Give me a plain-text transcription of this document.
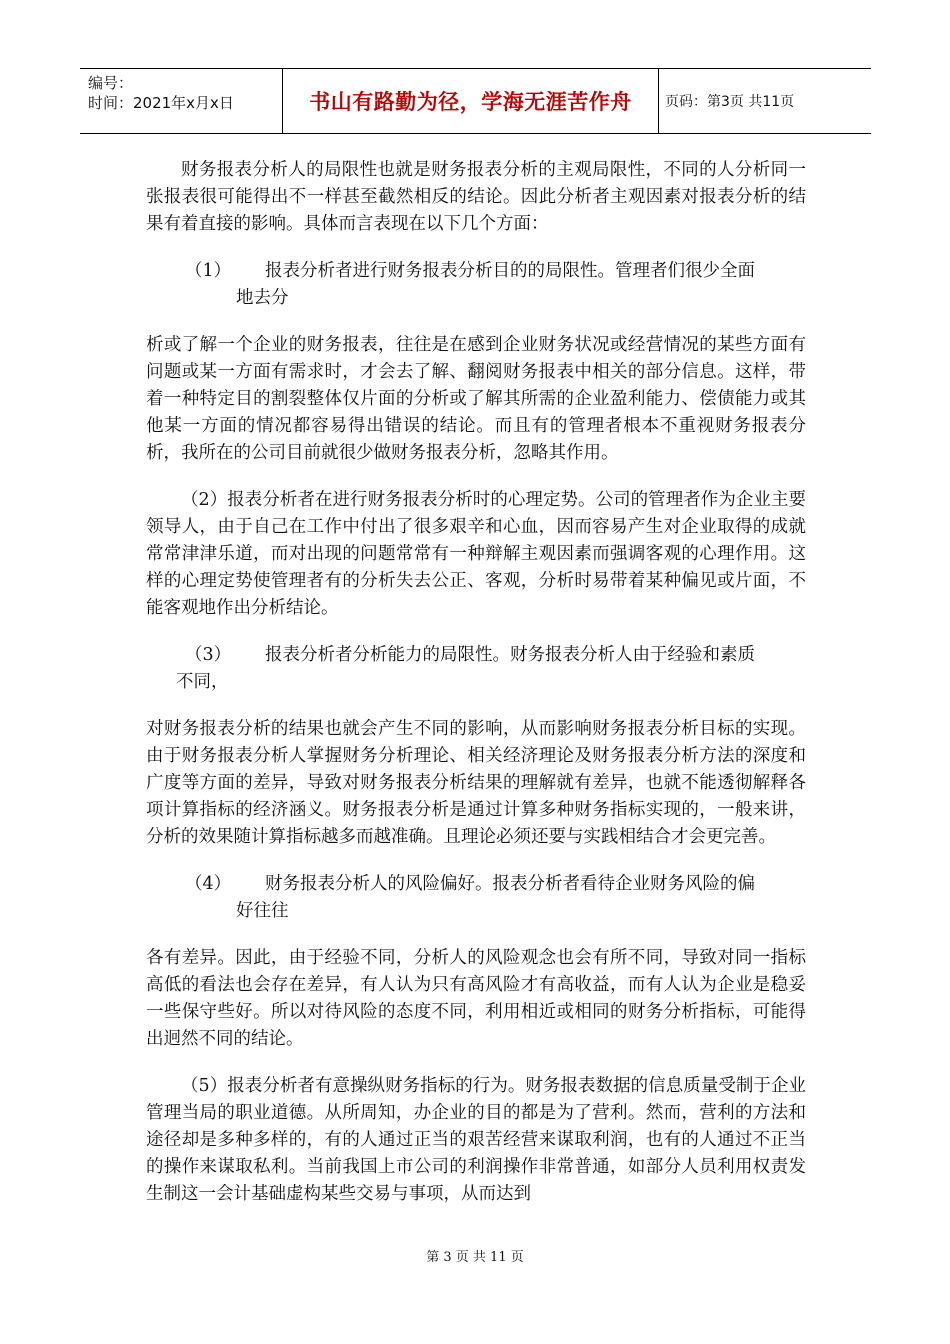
编号：
时间：2021年x月x日	书山有路勤为径，学海无涯苦作舟	页码：第3页 共11页

财务报表分析人的局限性也就是财务报表分析的主观局限性，不同的人分析同一张报表很可能得出不一样甚至截然相反的结论。因此分析者主观因素对报表分析的结果有着直接的影响。具体而言表现在以下几个方面：

（1）	报表分析者进行财务报表分析目的的局限性。管理者们很少全面
地去分

析或了解一个企业的财务报表，往往是在感到企业财务状况或经营情况的某些方面有问题或某一方面有需求时，才会去了解、翻阅财务报表中相关的部分信息。这样，带着一种特定目的割裂整体仅片面的分析或了解其所需的企业盈利能力、偿债能力或其他某一方面的情况都容易得出错误的结论。而且有的管理者根本不重视财务报表分析，我所在的公司目前就很少做财务报表分析，忽略其作用。

（2）报表分析者在进行财务报表分析时的心理定势。公司的管理者作为企业主要领导人，由于自己在工作中付出了很多艰辛和心血，因而容易产生对企业取得的成就常常津津乐道，而对出现的问题常常有一种辩解主观因素而强调客观的心理作用。这样的心理定势使管理者有的分析失去公正、客观，分析时易带着某种偏见或片面，不能客观地作出分析结论。

（3）	报表分析者分析能力的局限性。财务报表分析人由于经验和素质
不同，

对财务报表分析的结果也就会产生不同的影响，从而影响财务报表分析目标的实现。由于财务报表分析人掌握财务分析理论、相关经济理论及财务报表分析方法的深度和广度等方面的差异，导致对财务报表分析结果的理解就有差异，也就不能透彻解释各项计算指标的经济涵义。财务报表分析是通过计算多种财务指标实现的，一般来讲，分析的效果随计算指标越多而越准确。且理论必须还要与实践相结合才会更完善。

（4）	财务报表分析人的风险偏好。报表分析者看待企业财务风险的偏
好往往

各有差异。因此，由于经验不同，分析人的风险观念也会有所不同，导致对同一指标高低的看法也会存在差异，有人认为只有高风险才有高收益，而有人认为企业是稳妥一些保守些好。所以对待风险的态度不同，利用相近或相同的财务分析指标，可能得出迥然不同的结论。

（5）报表分析者有意操纵财务指标的行为。财务报表数据的信息质量受制于企业管理当局的职业道德。从所周知，办企业的目的都是为了营利。然而，营利的方法和途径却是多种多样的，有的人通过正当的艰苦经营来谋取利润，也有的人通过不正当的操作来谋取私利。当前我国上市公司的利润操作非常普通，如部分人员利用权责发生制这一会计基础虚构某些交易与事项，从而达到

第 3 页 共 11 页
